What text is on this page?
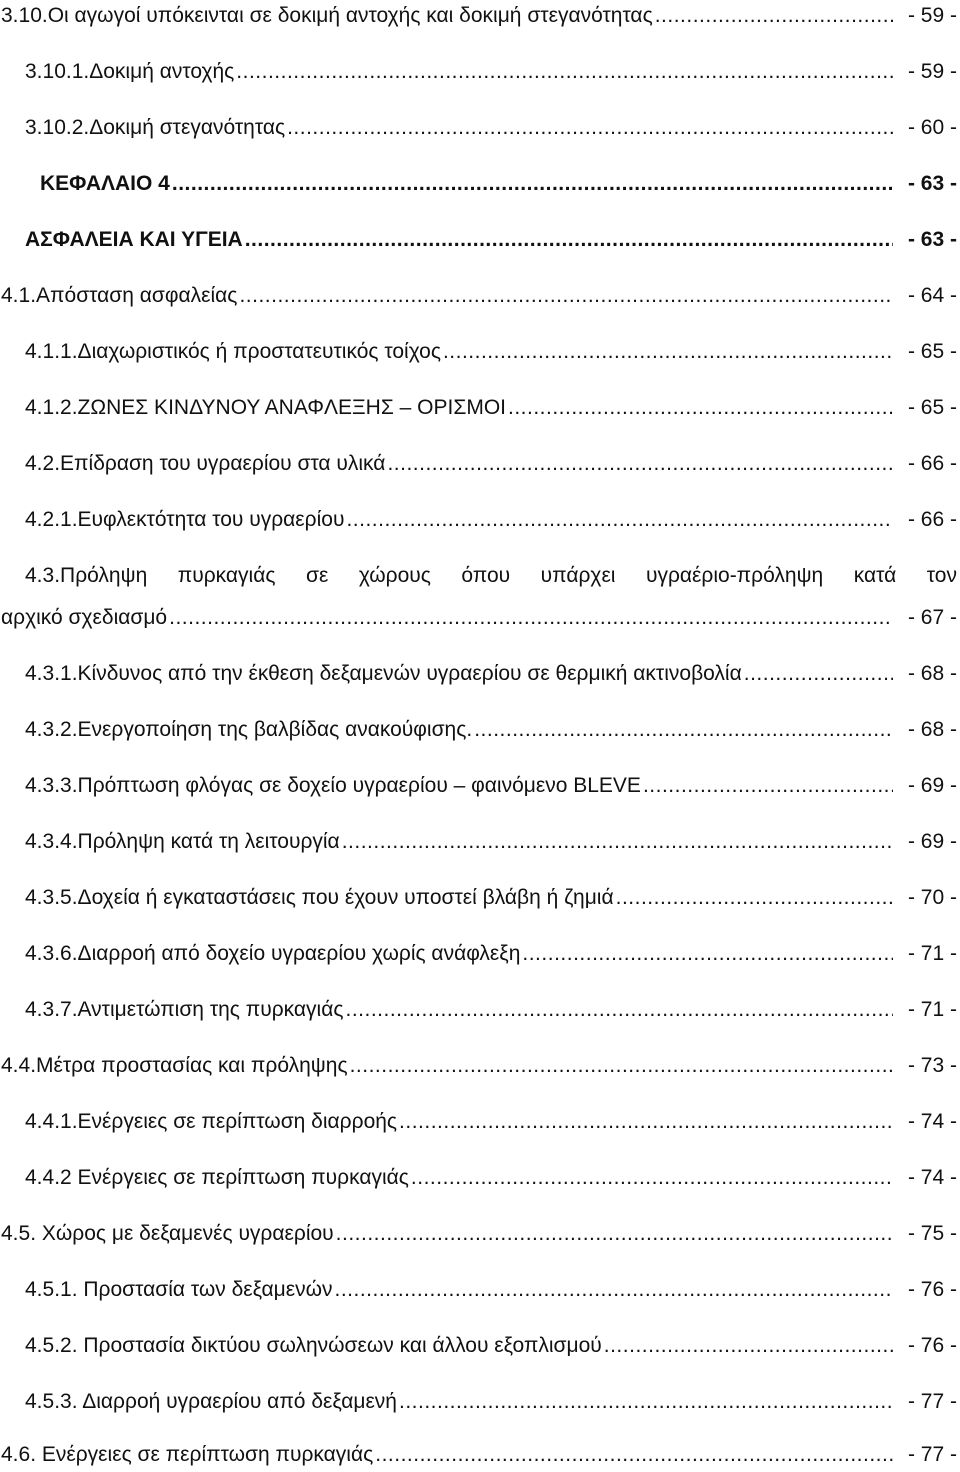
3.10.Οι αγωγοί υπόκεινται σε δοκιμή αντοχής και δοκιμή στεγανότητας .....	- 59 -
3.10.1.Δοκιμή αντοχής .....	- 59 -
3.10.2.Δοκιμή στεγανότητας .....	- 60 -
ΚΕΦΑΛΑΙΟ 4 .....	- 63 -
ΑΣΦΑΛΕΙΑ ΚΑΙ ΥΓΕΙΑ .....	- 63 -
4.1.Απόσταση ασφαλείας .....	- 64 -
4.1.1.Διαχωριστικός ή προστατευτικός τοίχος .....	- 65 -
4.1.2.ΖΩΝΕΣ ΚΙΝΔΥΝΟΥ ΑΝΑΦΛΕΞΗΣ – ΟΡΙΣΜΟΙ .....	- 65 -
4.2.Επίδραση του υγραερίου στα υλικά .....	- 66 -
4.2.1.Ευφλεκτότητα του υγραερίου .....	- 66 -
4.3.Πρόληψη πυρκαγιάς σε χώρους όπου υπάρχει υγραέριο-πρόληψη κατά τον
αρχικό σχεδιασμό .....	- 67 -
4.3.1.Κίνδυνος από την έκθεση δεξαμενών υγραερίου σε θερμική ακτινοβολία .....	- 68 -
4.3.2.Ενεργοποίηση της βαλβίδας ανακούφισης. .....	- 68 -
4.3.3.Πρόπτωση φλόγας σε δοχείο υγραερίου – φαινόμενο BLEVE .....	- 69 -
4.3.4.Πρόληψη κατά τη λειτουργία .....	- 69 -
4.3.5.Δοχεία ή εγκαταστάσεις που έχουν υποστεί βλάβη ή ζημιά .....	- 70 -
4.3.6.Διαρροή από δοχείο υγραερίου χωρίς ανάφλεξη .....	- 71 -
4.3.7.Αντιμετώπιση της πυρκαγιάς .....	- 71 -
4.4.Μέτρα προστασίας και πρόληψης .....	- 73 -
4.4.1.Ενέργειες σε περίπτωση διαρροής .....	- 74 -
4.4.2 Ενέργειες σε περίπτωση πυρκαγιάς .....	- 74 -
4.5. Χώρος με δεξαμενές υγραερίου .....	- 75 -
4.5.1. Προστασία των δεξαμενών .....	- 76 -
4.5.2. Προστασία δικτύου σωληνώσεων και άλλου εξοπλισμού .....	- 76 -
4.5.3. Διαρροή υγραερίου από δεξαμενή .....	- 77 -
4.6. Ενέργειες σε περίπτωση πυρκαγιάς .....	- 77 -
